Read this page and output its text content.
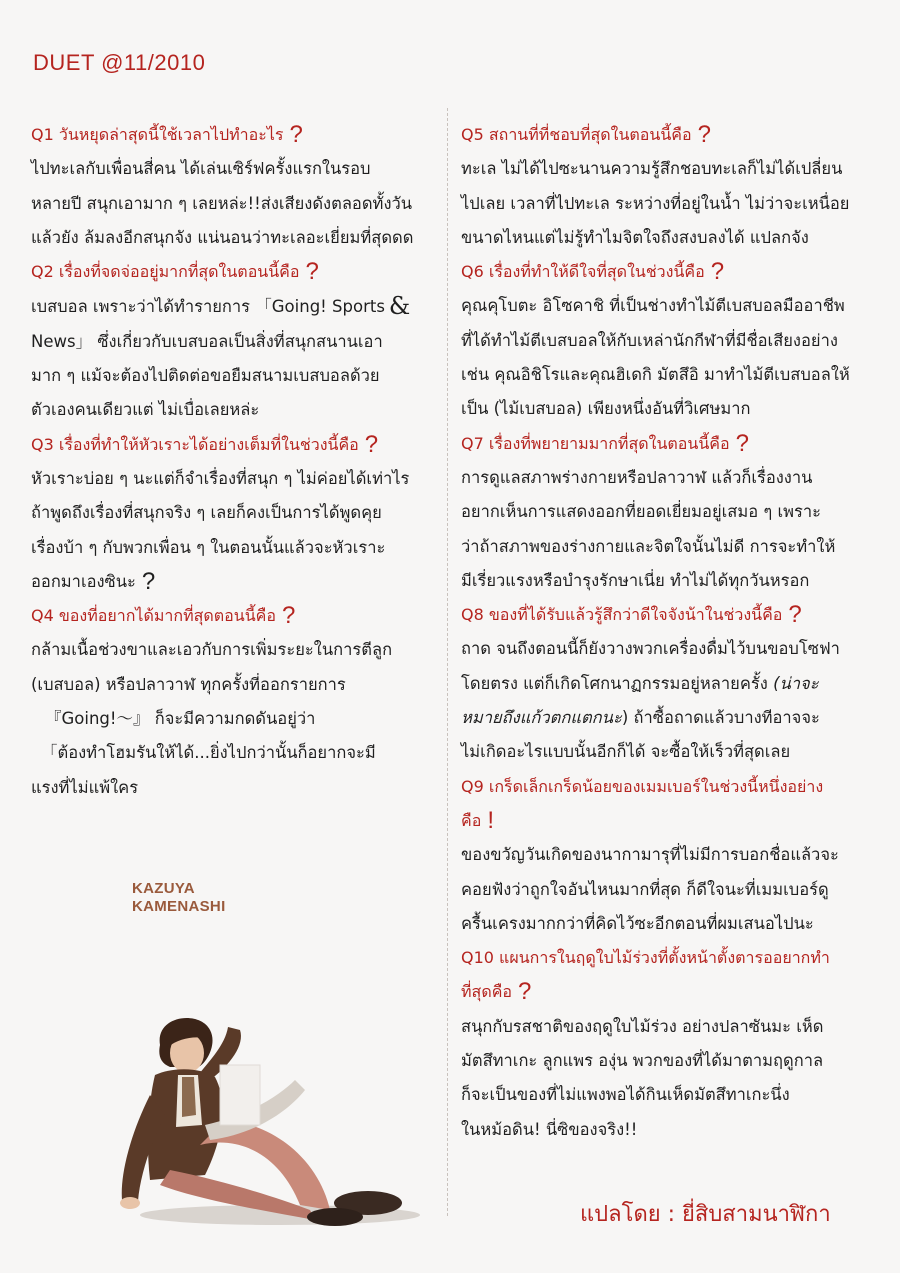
DUET @11/2010
Q1 วันหยุดล่าสุดนี้ใช้เวลาไปทำอะไร ?
ไปทะเลกับเพื่อนสี่คน ได้เล่นเซิร์ฟครั้งแรกในรอบ
หลายปี สนุกเอามาก ๆ เลยหล่ะ!!ส่งเสียงดังตลอดทั้งวัน
แล้วยัง ล้มลงอีกสนุกจัง แน่นอนว่าทะเลอะเยี่ยมที่สุดดด
Q2 เรื่องที่จดจ่ออยู่มากที่สุดในตอนนี้คือ ?
เบสบอล เพราะว่าได้ทำรายการ 「Going! Sports &
News」 ซึ่งเกี่ยวกับเบสบอลเป็นสิ่งที่สนุกสนานเอา
มาก ๆ แม้จะต้องไปติดต่อขอยืมสนามเบสบอลด้วย
ตัวเองคนเดียวแต่ ไม่เบื่อเลยหล่ะ
Q3 เรื่องที่ทำให้หัวเราะได้อย่างเต็มที่ในช่วงนี้คือ ?
หัวเราะบ่อย ๆ นะแต่ก็จำเรื่องที่สนุก ๆ ไม่ค่อยได้เท่าไร
ถ้าพูดถึงเรื่องที่สนุกจริง ๆ เลยก็คงเป็นการได้พูดคุย
เรื่องบ้า ๆ กับพวกเพื่อน ๆ ในตอนนั้นแล้วจะหัวเราะ
ออกมาเองซินะ ?
Q4 ของที่อยากได้มากที่สุดตอนนี้คือ ?
กล้ามเนื้อช่วงขาและเอวกับการเพิ่มระยะในการตีลูก
(เบสบอล) หรือปลาวาฬ ทุกครั้งที่ออกรายการ
『Going!〜』 ก็จะมีความกดดันอยู่ว่า
「ต้องทำโฮมรันให้ได้...ยิ่งไปกว่านั้นก็อยากจะมี
แรงที่ไม่แพ้ใคร
KAZUYA
KAMENASHI
Q5 สถานที่ที่ชอบที่สุดในตอนนี้คือ ?
ทะเล ไม่ได้ไปซะนานความรู้สึกชอบทะเลก็ไม่ได้เปลี่ยน
ไปเลย เวลาที่ไปทะเล ระหว่างที่อยู่ในน้ำ ไม่ว่าจะเหนื่อย
ขนาดไหนแต่ไม่รู้ทำไมจิตใจถึงสงบลงได้ แปลกจัง
Q6 เรื่องที่ทำให้ดีใจที่สุดในช่วงนี้คือ ?
คุณคุโบตะ อิโซคาชิ ที่เป็นช่างทำไม้ตีเบสบอลมืออาชีพ
ที่ได้ทำไม้ตีเบสบอลให้กับเหล่านักกีฬาที่มีชื่อเสียงอย่าง
เช่น คุณอิชิโรและคุณฮิเดกิ มัตสึอิ มาทำไม้ตีเบสบอลให้
เป็น (ไม้เบสบอล) เพียงหนึ่งอันที่วิเศษมาก
Q7 เรื่องที่พยายามมากที่สุดในตอนนี้คือ ?
การดูแลสภาพร่างกายหรือปลาวาฬ แล้วก็เรื่องงาน
อยากเห็นการแสดงออกที่ยอดเยี่ยมอยู่เสมอ ๆ เพราะ
ว่าถ้าสภาพของร่างกายและจิตใจนั้นไม่ดี การจะทำให้
มีเรี่ยวแรงหรือบำรุงรักษาเนี่ย ทำไม่ได้ทุกวันหรอก
Q8 ของที่ได้รับแล้วรู้สึกว่าดีใจจังน้าในช่วงนี้คือ ?
ถาด จนถึงตอนนี้ก็ยังวางพวกเครื่องดื่มไว้บนขอบโซฟา
โดยตรง แต่ก็เกิดโศกนาฏกรรมอยู่หลายครั้ง (น่าจะ
หมายถึงแก้วตกแตกนะ) ถ้าซื้อถาดแล้วบางทีอาจจะ
ไม่เกิดอะไรแบบนั้นอีกก็ได้ จะซื้อให้เร็วที่สุดเลย
Q9 เกร็ดเล็กเกร็ดน้อยของเมมเบอร์ในช่วงนี้หนึ่งอย่าง
คือ !
ของขวัญวันเกิดของนากามารุที่ไม่มีการบอกชื่อแล้วจะ
คอยฟังว่าถูกใจอันไหนมากที่สุด ก็ดีใจนะที่เมมเบอร์ดู
ครื้นเครงมากกว่าที่คิดไว้ซะอีกตอนที่ผมเสนอไปนะ
Q10 แผนการในฤดูใบไม้ร่วงที่ตั้งหน้าตั้งตารออยากทำ
ที่สุดคือ ?
สนุกกับรสชาติของฤดูใบไม้ร่วง อย่างปลาซันมะ เห็ด
มัตสึทาเกะ ลูกแพร องุ่น พวกของที่ได้มาตามฤดูกาล
ก็จะเป็นของที่ไม่แพงพอได้กินเห็ดมัตสึทาเกะนึ่ง
ในหม้อดิน! นี่ซิของจริง!!
แปลโดย : ยี่สิบสามนาฬิกา
